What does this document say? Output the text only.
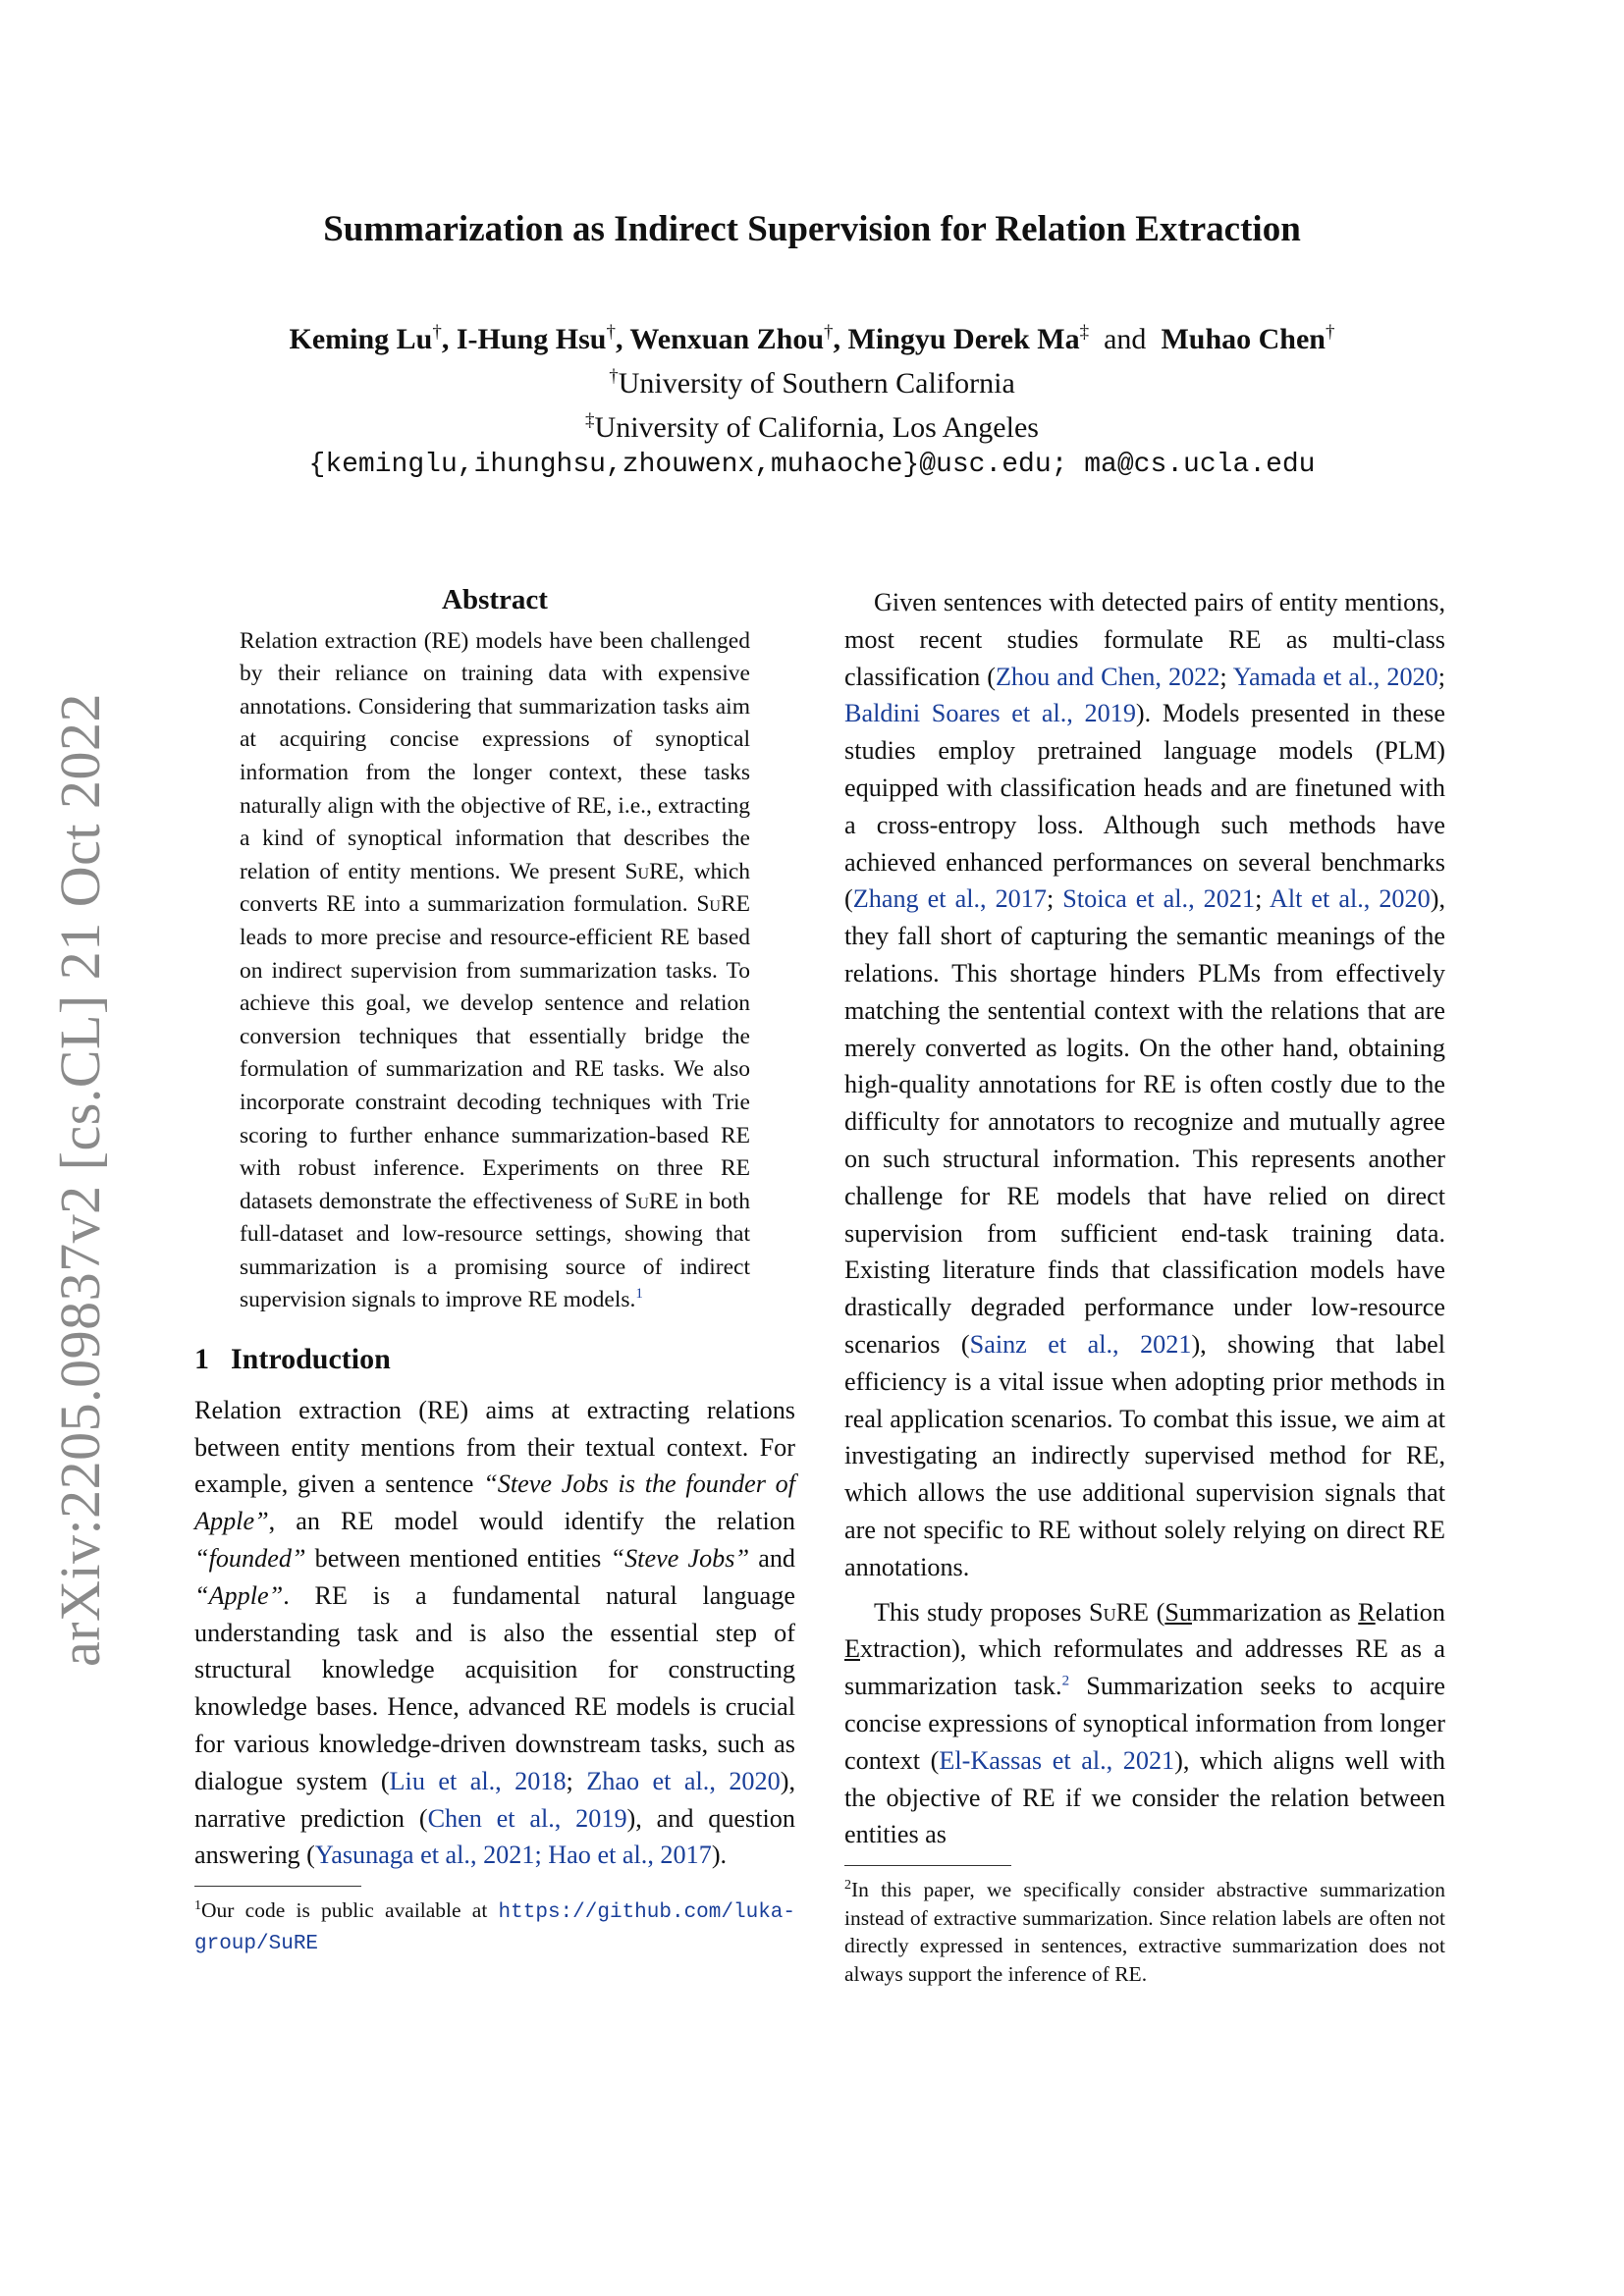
arXiv:2205.09837v2 [cs.CL] 21 Oct 2022
Summarization as Indirect Supervision for Relation Extraction
Keming Lu†, I-Hung Hsu†, Wenxuan Zhou†, Mingyu Derek Ma‡ and Muhao Chen†
†University of Southern California
‡University of California, Los Angeles
{keminglu,ihunghsu,zhouwenx,muhaoche}@usc.edu; ma@cs.ucla.edu
Abstract
Relation extraction (RE) models have been challenged by their reliance on training data with expensive annotations. Considering that summarization tasks aim at acquiring concise expressions of synoptical information from the longer context, these tasks naturally align with the objective of RE, i.e., extracting a kind of synoptical information that describes the relation of entity mentions. We present SuRE, which converts RE into a summarization formulation. SuRE leads to more precise and resource-efficient RE based on indirect supervision from summarization tasks. To achieve this goal, we develop sentence and relation conversion techniques that essentially bridge the formulation of summarization and RE tasks. We also incorporate constraint decoding techniques with Trie scoring to further enhance summarization-based RE with robust inference. Experiments on three RE datasets demonstrate the effectiveness of SuRE in both full-dataset and low-resource settings, showing that summarization is a promising source of indirect supervision signals to improve RE models.$^1$
1 Introduction

Relation extraction (RE) aims at extracting relations between entity mentions from their textual context. For example, given a sentence “Steve Jobs is the founder of Apple”, an RE model would identify the relation “founded” between mentioned entities “Steve Jobs” and “Apple”. RE is a fundamental natural language understanding task and is also the essential step of structural knowledge acquisition for constructing knowledge bases. Hence, advanced RE models is crucial for various knowledge-driven downstream tasks, such as dialogue system (Liu et al., 2018; Zhao et al., 2020), narrative prediction (Chen et al., 2019), and question answering (Yasunaga et al., 2021; Hao et al., 2017).

$^1$Our code is public available at https://github.com/luka-group/SuRE

Given sentences with detected pairs of entity mentions, most recent studies formulate RE as multi-class classification (Zhou and Chen, 2022; Yamada et al., 2020; Baldini Soares et al., 2019). Models presented in these studies employ pretrained language models (PLM) equipped with classification heads and are finetuned with a cross-entropy loss. Although such methods have achieved enhanced performances on several benchmarks (Zhang et al., 2017; Stoica et al., 2021; Alt et al., 2020), they fall short of capturing the semantic meanings of the relations. This shortage hinders PLMs from effectively matching the sentential context with the relations that are merely converted as logits. On the other hand, obtaining high-quality annotations for RE is often costly due to the difficulty for annotators to recognize and mutually agree on such structural information. This represents another challenge for RE models that have relied on direct supervision from sufficient end-task training data. Existing literature finds that classification models have drastically degraded performance under low-resource scenarios (Sainz et al., 2021), showing that label efficiency is a vital issue when adopting prior methods in real application scenarios. To combat this issue, we aim at investigating an indirectly supervised method for RE, which allows the use additional supervision signals that are not specific to RE without solely relying on direct RE annotations.

This study proposes SuRE (Summarization as Relation Extraction), which reformulates and addresses RE as a summarization task.$^2$ Summarization seeks to acquire concise expressions of synoptical information from longer context (El-Kassas et al., 2021), which aligns well with the objective of RE if we consider the relation between entities as

$^2$In this paper, we specifically consider abstractive summarization instead of extractive summarization. Since relation labels are often not directly expressed in sentences, extractive summarization does not always support the inference of RE.
